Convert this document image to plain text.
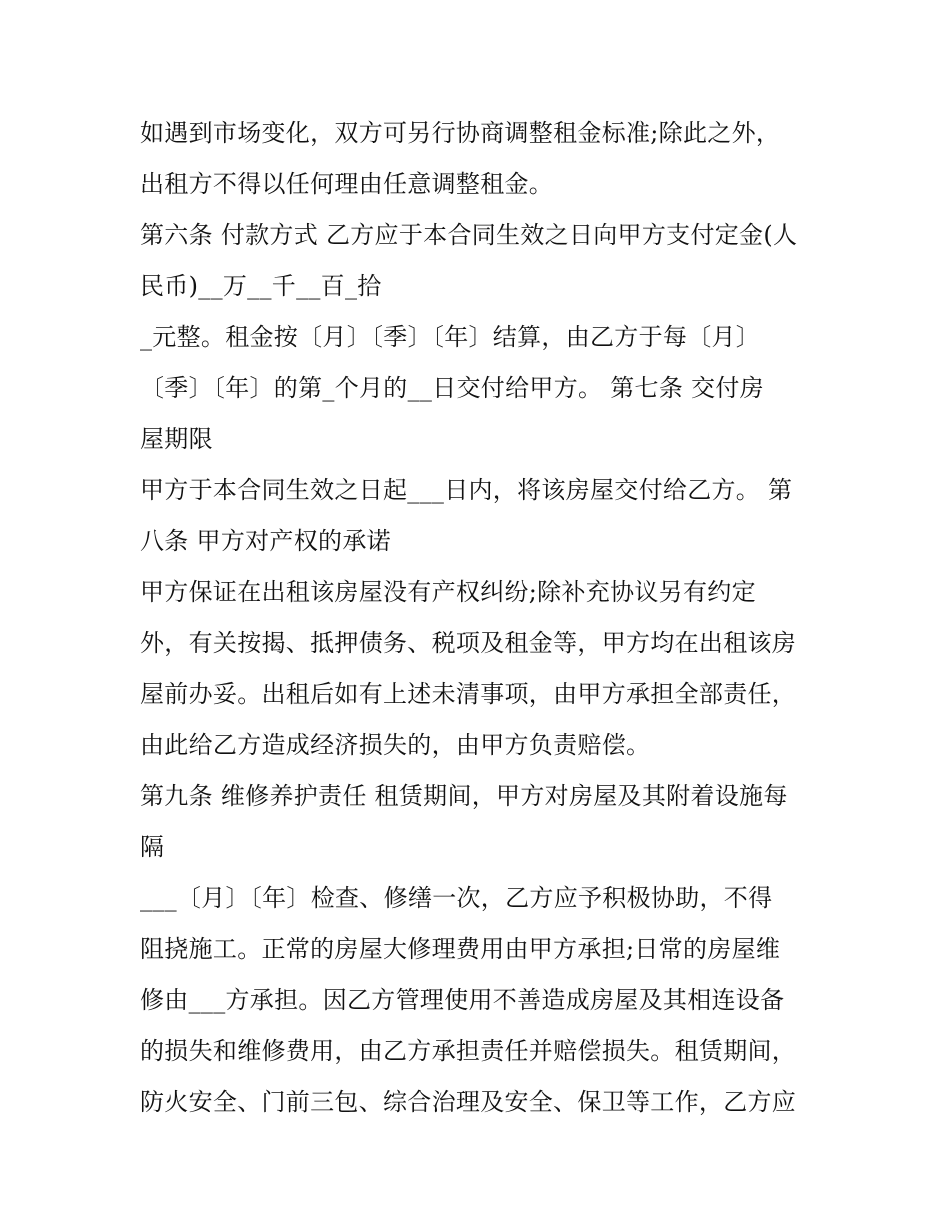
如遇到市场变化，双方可另行协商调整租金标准;除此之外，
出租方不得以任何理由任意调整租金。
第六条 付款方式 乙方应于本合同生效之日向甲方支付定金(人
民币)__万__千__百_拾
_元整。租金按〔月〕〔季〕〔年〕结算，由乙方于每〔月〕
〔季〕〔年〕的第_个月的__日交付给甲方。 第七条 交付房
屋期限
甲方于本合同生效之日起___日内，将该房屋交付给乙方。 第
八条 甲方对产权的承诺
甲方保证在出租该房屋没有产权纠纷;除补充协议另有约定
外，有关按揭、抵押债务、税项及租金等，甲方均在出租该房
屋前办妥。出租后如有上述未清事项，由甲方承担全部责任，
由此给乙方造成经济损失的，由甲方负责赔偿。
第九条 维修养护责任 租赁期间，甲方对房屋及其附着设施每
隔
___〔月〕〔年〕检查、修缮一次，乙方应予积极协助，不得
阻挠施工。正常的房屋大修理费用由甲方承担;日常的房屋维
修由___方承担。因乙方管理使用不善造成房屋及其相连设备
的损失和维修费用，由乙方承担责任并赔偿损失。租赁期间，
防火安全、门前三包、综合治理及安全、保卫等工作，乙方应
